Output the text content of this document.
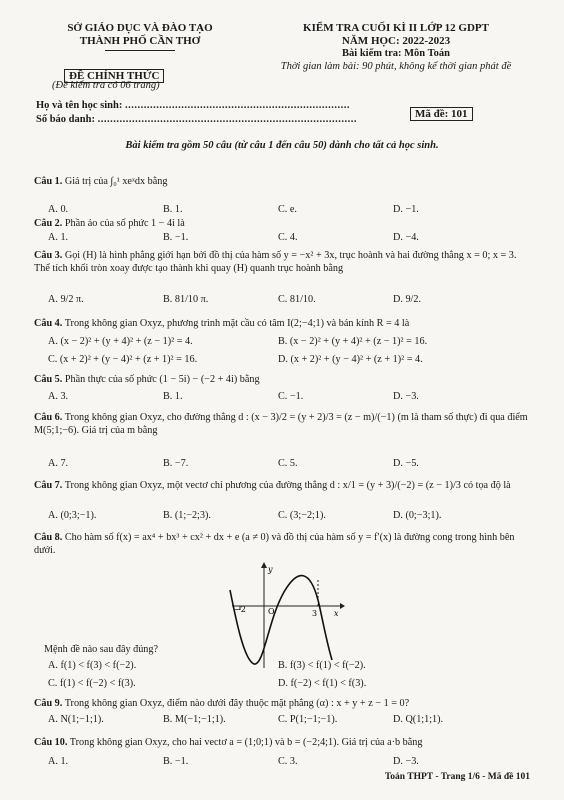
SỞ GIÁO DỤC VÀ ĐÀO TẠO
THÀNH PHỐ CẦN THƠ
ĐỀ CHÍNH THỨC
(Đề kiểm tra có 06 trang)
KIỂM TRA CUỐI KÌ II LỚP 12 GDPT
NĂM HỌC: 2022-2023
Bài kiểm tra: Môn Toán
Thời gian làm bài: 90 phút, không kể thời gian phát đề
Họ và tên học sinh: ........................................................................
Số báo danh: ...................................................................................	Mã đề: 101
Bài kiểm tra gồm 50 câu (từ câu 1 đến câu 50) dành cho tất cả học sinh.
Câu 1. Giá trị của ∫₀¹ xeˣdx bằng
A. 0.	B. 1.	C. e.	D. −1.
Câu 2. Phần ảo của số phức 1 − 4i là
A. 1.	B. −1.	C. 4.	D. −4.
Câu 3. Gọi (H) là hình phẳng giới hạn bởi đồ thị của hàm số y = −x² + 3x, trục hoành và hai đường thẳng x = 0; x = 3. Thể tích khối tròn xoay được tạo thành khi quay (H) quanh trục hoành bằng
A. 9/2 π.	B. 81/10 π.	C. 81/10.	D. 9/2.
Câu 4. Trong không gian Oxyz, phương trình mặt cầu có tâm I(2;−4;1) và bán kính R = 4 là
A. (x − 2)² + (y + 4)² + (z − 1)² = 4.	B. (x − 2)² + (y + 4)² + (z − 1)² = 16.
C. (x + 2)² + (y − 4)² + (z + 1)² = 16.	D. (x + 2)² + (y − 4)² + (z + 1)² = 4.
Câu 5. Phần thực của số phức (1 − 5i) − (−2 + 4i) bằng
A. 3.	B. 1.	C. −1.	D. −3.
Câu 6. Trong không gian Oxyz, cho đường thẳng d : (x − 3)/2 = (y + 2)/3 = (z − m)/(−1) (m là tham số thực) đi qua điểm M(5;1;−6). Giá trị của m bằng
A. 7.	B. −7.	C. 5.	D. −5.
Câu 7. Trong không gian Oxyz, một vectơ chỉ phương của đường thẳng d : x/1 = (y + 3)/(−2) = (z − 1)/3 có tọa độ là
A. (0;3;−1).	B. (1;−2;3).	C. (3;−2;1).	D. (0;−3;1).
Câu 8. Cho hàm số f(x) = ax⁴ + bx³ + cx² + dx + e (a ≠ 0) và đồ thị của hàm số y = f′(x) là đường cong trong hình bên dưới.
−2	O	3
y
x
Mệnh đề nào sau đây đúng?
A. f(1) < f(3) < f(−2).	B. f(3) < f(1) < f(−2).
C. f(1) < f(−2) < f(3).	D. f(−2) < f(1) < f(3).
Câu 9. Trong không gian Oxyz, điểm nào dưới đây thuộc mặt phẳng (α) : x + y + z − 1 = 0?
A. N(1;−1;1).	B. M(−1;−1;1).	C. P(1;−1;−1).	D. Q(1;1;1).
Câu 10. Trong không gian Oxyz, cho hai vectơ a = (1;0;1) và b = (−2;4;1). Giá trị của a·b bằng
A. 1.	B. −1.	C. 3.	D. −3.
Toán THPT - Trang 1/6 - Mã đề 101
